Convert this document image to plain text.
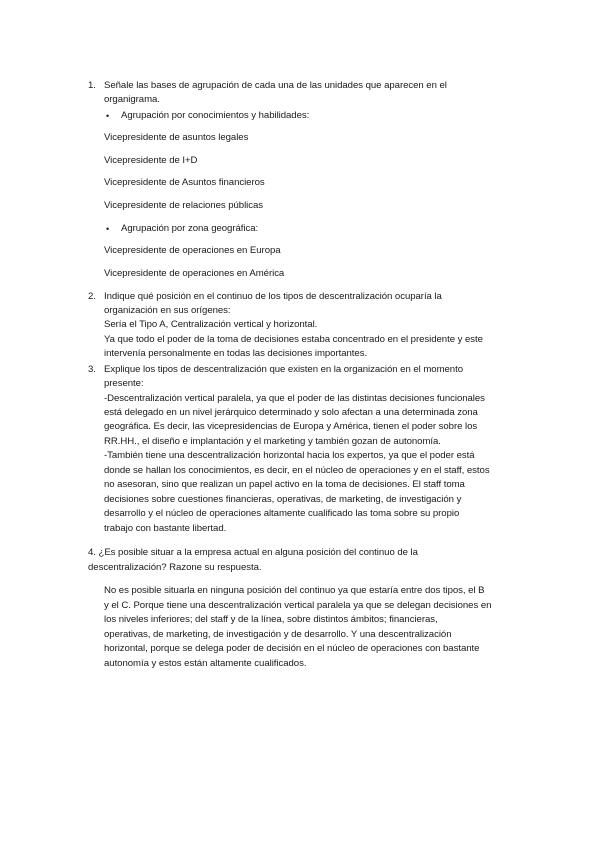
1. Señale las bases de agrupación de cada una de las unidades que aparecen en el
organigrama.
• Agrupación por conocimientos y habilidades:
Vicepresidente de asuntos legales
Vicepresidente de I+D
Vicepresidente de Asuntos financieros
Vicepresidente de relaciones públicas
• Agrupación por zona geográfica:
Vicepresidente de operaciones en Europa
Vicepresidente de operaciones en América
2. Indique qué posición en el continuo de los tipos de descentralización ocuparía la
organización en sus orígenes:
Sería el Tipo A, Centralización vertical y horizontal.
Ya que todo el poder de la toma de decisiones estaba concentrado en el presidente y este
intervenía personalmente en todas las decisiones importantes.
3. Explique los tipos de descentralización que existen en la organización en el momento
presente:
-Descentralización vertical paralela, ya que el poder de las distintas decisiones funcionales
está delegado en un nivel jerárquico determinado y solo afectan a una determinada zona
geográfica. Es decir, las vicepresidencias de Europa y América, tienen el poder sobre los
RR.HH., el diseño e implantación y el marketing y también gozan de autonomía.
-También tiene una descentralización horizontal hacia los expertos, ya que el poder está
donde se hallan los conocimientos, es decir, en el núcleo de operaciones y en el staff, estos
no asesoran, sino que realizan un papel activo en la toma de decisiones. El staff toma
decisiones sobre cuestiones financieras, operativas, de marketing, de investigación y
desarrollo y el núcleo de operaciones altamente cualificado las toma sobre su propio
trabajo con bastante libertad.
4. ¿Es posible situar a la empresa actual en alguna posición del continuo de la
descentralización? Razone su respuesta.
No es posible situarla en ninguna posición del continuo ya que estaría entre dos tipos, el B
y el C. Porque tiene una descentralización vertical paralela ya que se delegan decisiones en
los niveles inferiores; del staff y de la línea, sobre distintos ámbitos; financieras,
operativas, de marketing, de investigación y de desarrollo. Y una descentralización
horizontal, porque se delega poder de decisión en el núcleo de operaciones con bastante
autonomía y estos están altamente cualificados.
